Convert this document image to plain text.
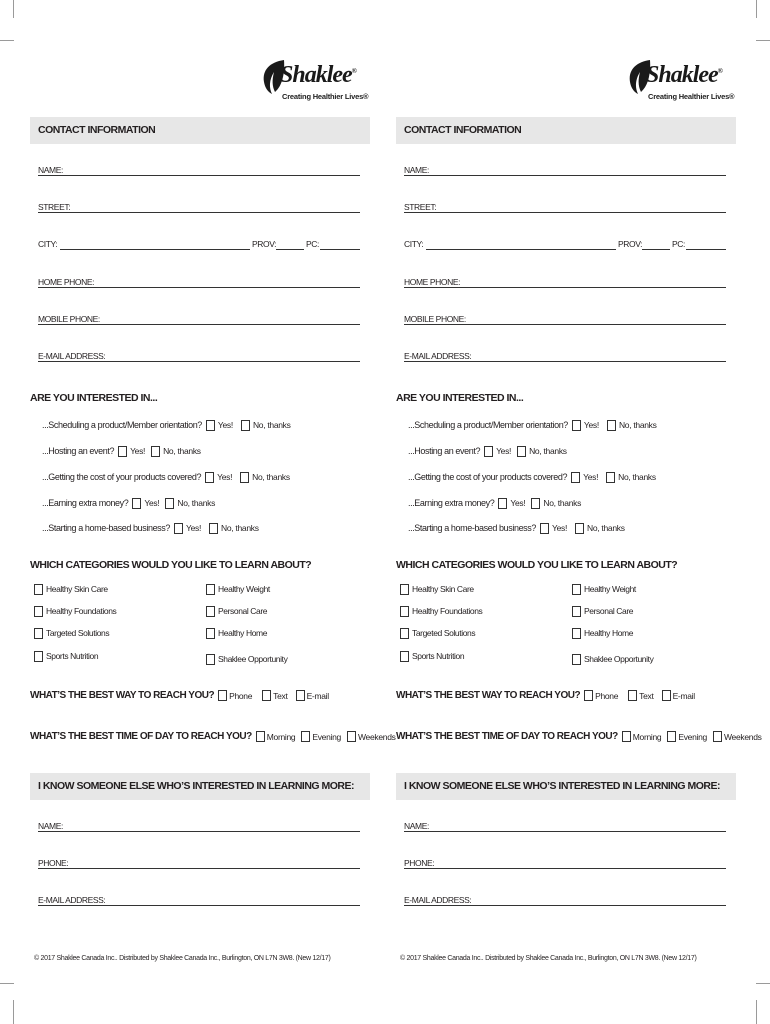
Shaklee®
Creating Healthier Lives®
CONTACT INFORMATION
NAME:
STREET:
CITY:	PROV:	PC:
HOME PHONE:
MOBILE PHONE:
E-MAIL ADDRESS:
ARE YOU INTERESTED IN...
...Scheduling a product/Member orientation? Yes! No, thanks
...Hosting an event? Yes! No, thanks
...Getting the cost of your products covered? Yes! No, thanks
...Earning extra money? Yes! No, thanks
...Starting a home-based business? Yes! No, thanks
WHICH CATEGORIES WOULD YOU LIKE TO LEARN ABOUT?
Healthy Skin Care
Healthy Foundations
Targeted Solutions
Sports Nutrition
Healthy Weight
Personal Care
Healthy Home
Shaklee Opportunity
WHAT’S THE BEST WAY TO REACH YOU? Phone Text E-mail
WHAT’S THE BEST TIME OF DAY TO REACH YOU? Morning Evening Weekends
I KNOW SOMEONE ELSE WHO’S INTERESTED IN LEARNING MORE:
NAME:
PHONE:
E-MAIL ADDRESS:
© 2017 Shaklee Canada Inc.. Distributed by Shaklee Canada Inc., Burlington, ON L7N 3W8. (New 12/17)
Shaklee®
Creating Healthier Lives®
CONTACT INFORMATION
NAME:
STREET:
CITY:	PROV:	PC:
HOME PHONE:
MOBILE PHONE:
E-MAIL ADDRESS:
ARE YOU INTERESTED IN...
...Scheduling a product/Member orientation? Yes! No, thanks
...Hosting an event? Yes! No, thanks
...Getting the cost of your products covered? Yes! No, thanks
...Earning extra money? Yes! No, thanks
...Starting a home-based business? Yes! No, thanks
WHICH CATEGORIES WOULD YOU LIKE TO LEARN ABOUT?
Healthy Skin Care
Healthy Foundations
Targeted Solutions
Sports Nutrition
Healthy Weight
Personal Care
Healthy Home
Shaklee Opportunity
WHAT’S THE BEST WAY TO REACH YOU? Phone Text E-mail
WHAT’S THE BEST TIME OF DAY TO REACH YOU? Morning Evening Weekends
I KNOW SOMEONE ELSE WHO’S INTERESTED IN LEARNING MORE:
NAME:
PHONE:
E-MAIL ADDRESS:
© 2017 Shaklee Canada Inc.. Distributed by Shaklee Canada Inc., Burlington, ON L7N 3W8. (New 12/17)
